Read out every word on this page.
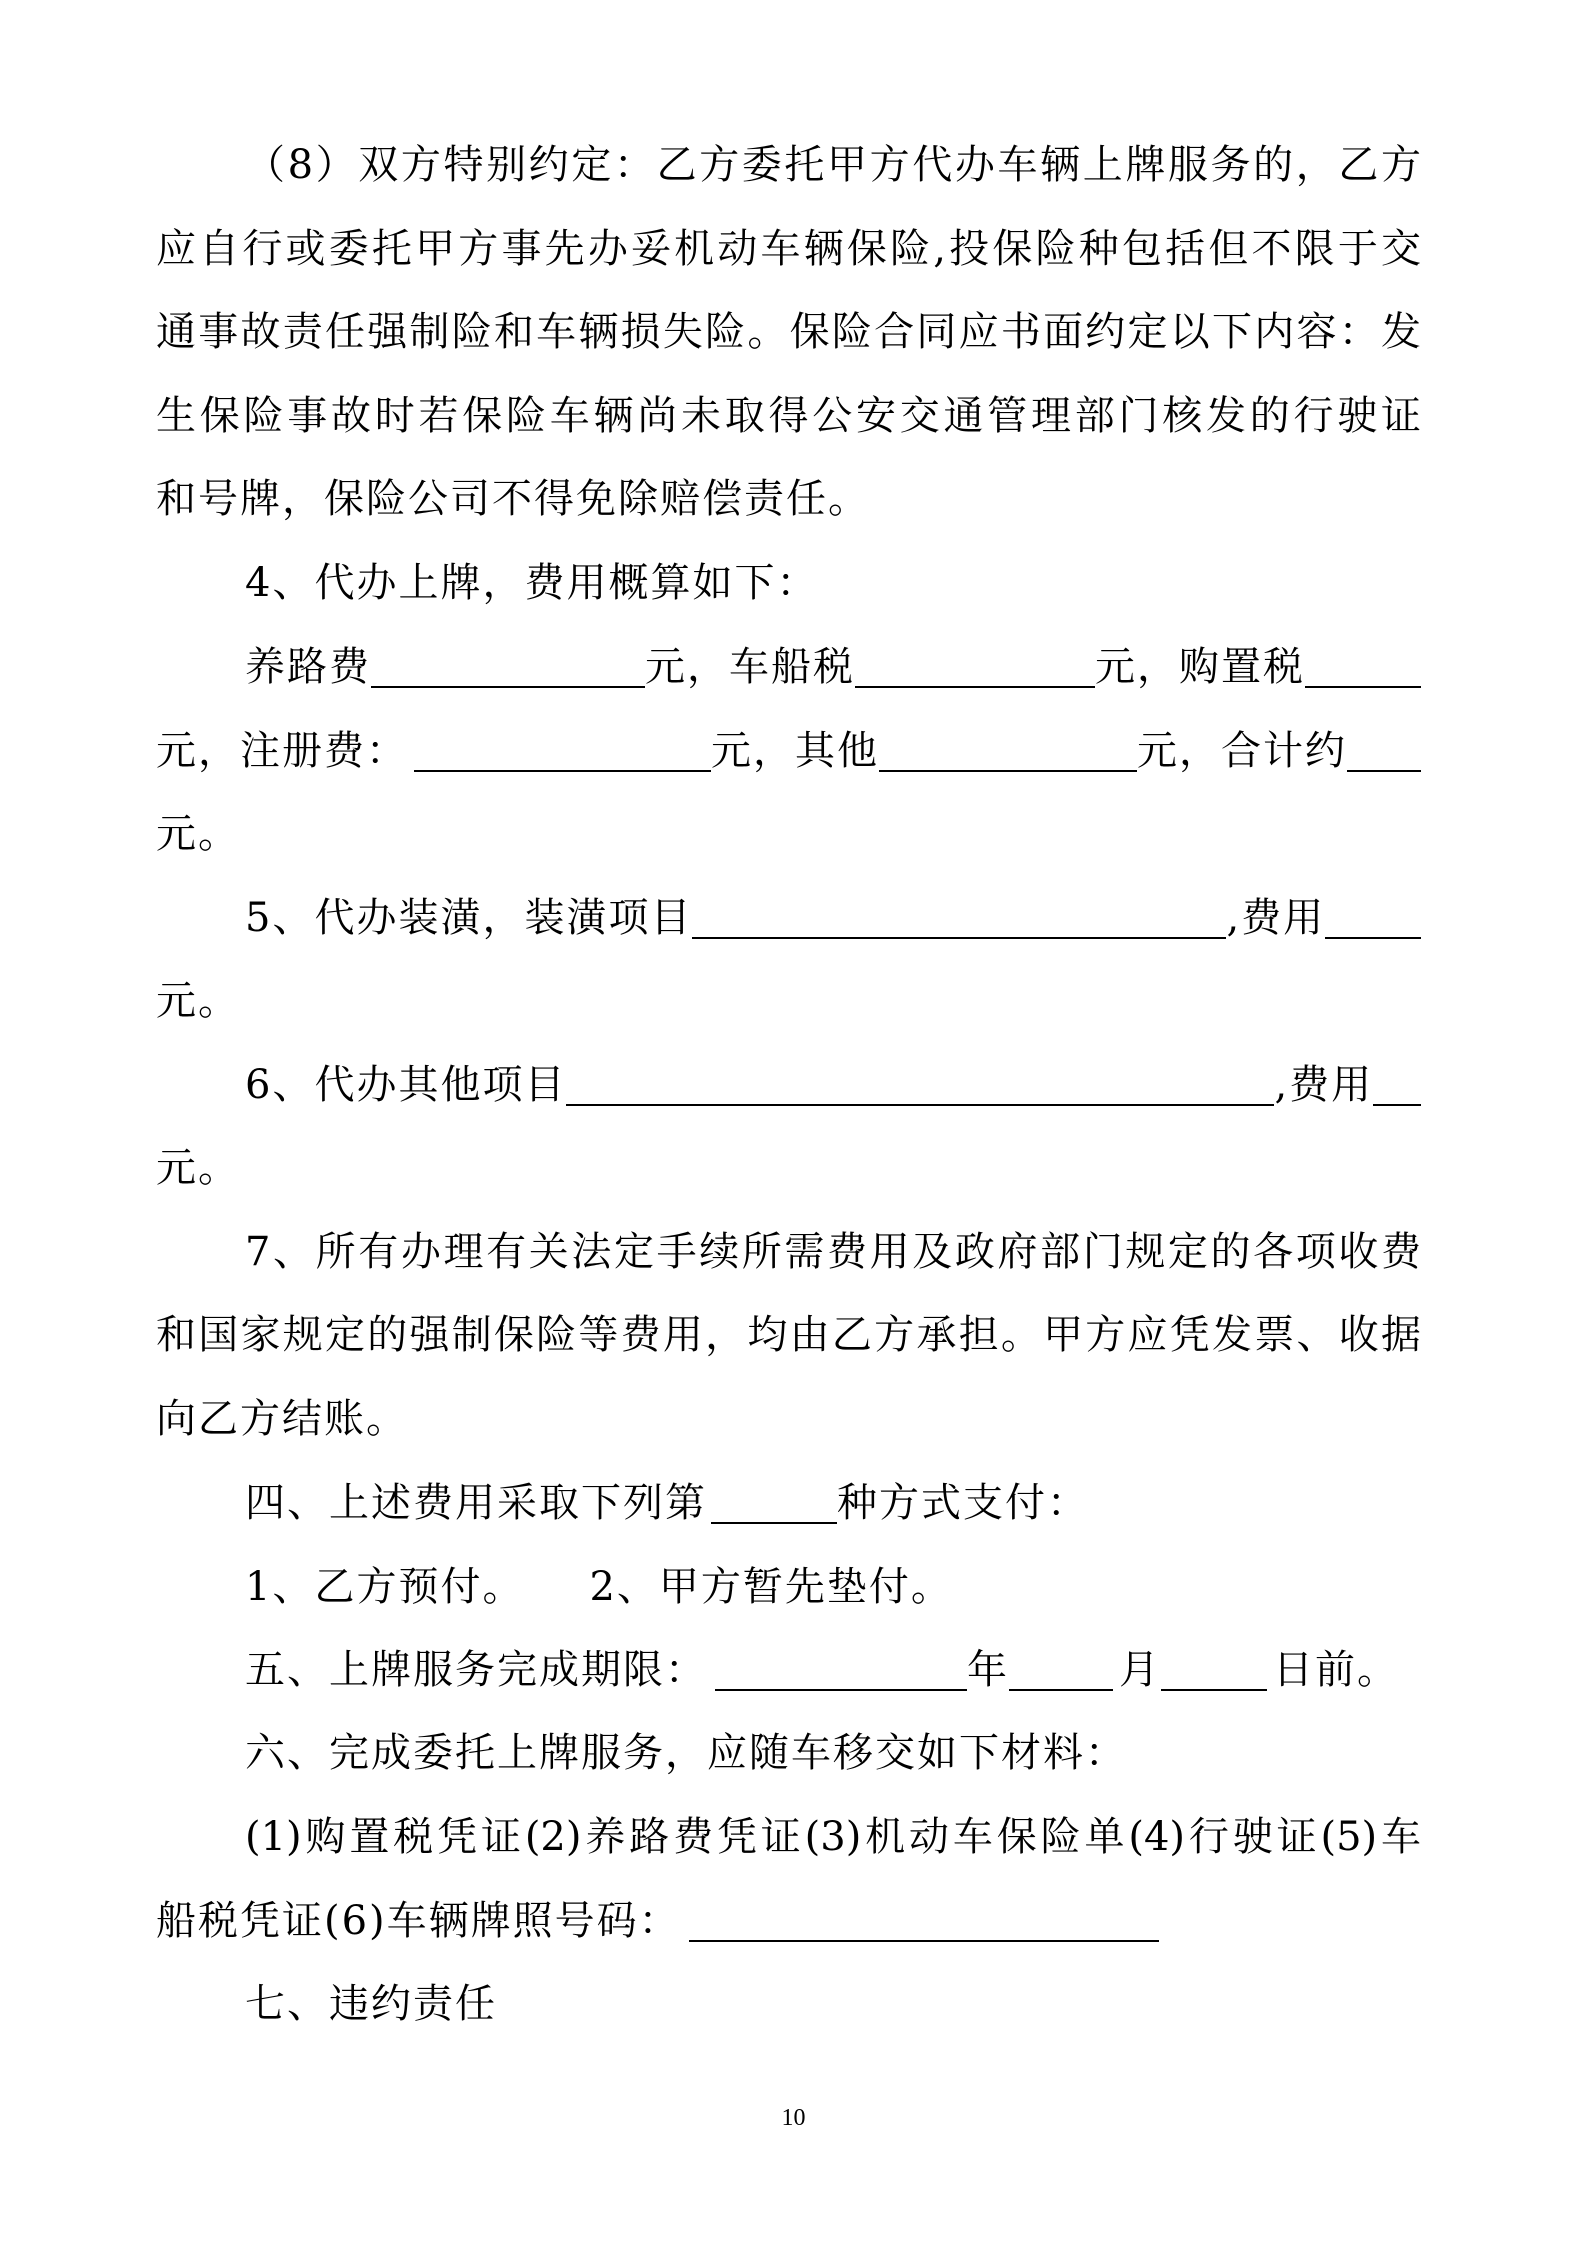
（8）双方特别约定：乙方委托甲方代办车辆上牌服务的，乙方
应自行或委托甲方事先办妥机动车辆保险,投保险种包括但不限于交
通事故责任强制险和车辆损失险。保险合同应书面约定以下内容：发
生保险事故时若保险车辆尚未取得公安交通管理部门核发的行驶证
和号牌，保险公司不得免除赔偿责任。
4、代办上牌，费用概算如下：
养路费	元，车船税	元，购置税
元，注册费：	元，其他	元，合计约
元。
5、代办装潢，装潢项目	,费用
元。
6、代办其他项目	,费用
元。
7、所有办理有关法定手续所需费用及政府部门规定的各项收费
和国家规定的强制保险等费用，均由乙方承担。甲方应凭发票、收据
向乙方结账。
四、上述费用采取下列第	种方式支付：
1、乙方预付。 2、甲方暂先垫付。
五、上牌服务完成期限：	年	月	日前。
六、完成委托上牌服务，应随车移交如下材料：
(1)购置税凭证(2)养路费凭证(3)机动车保险单(4)行驶证(5)车
船税凭证(6)车辆牌照号码：
七、违约责任
10
